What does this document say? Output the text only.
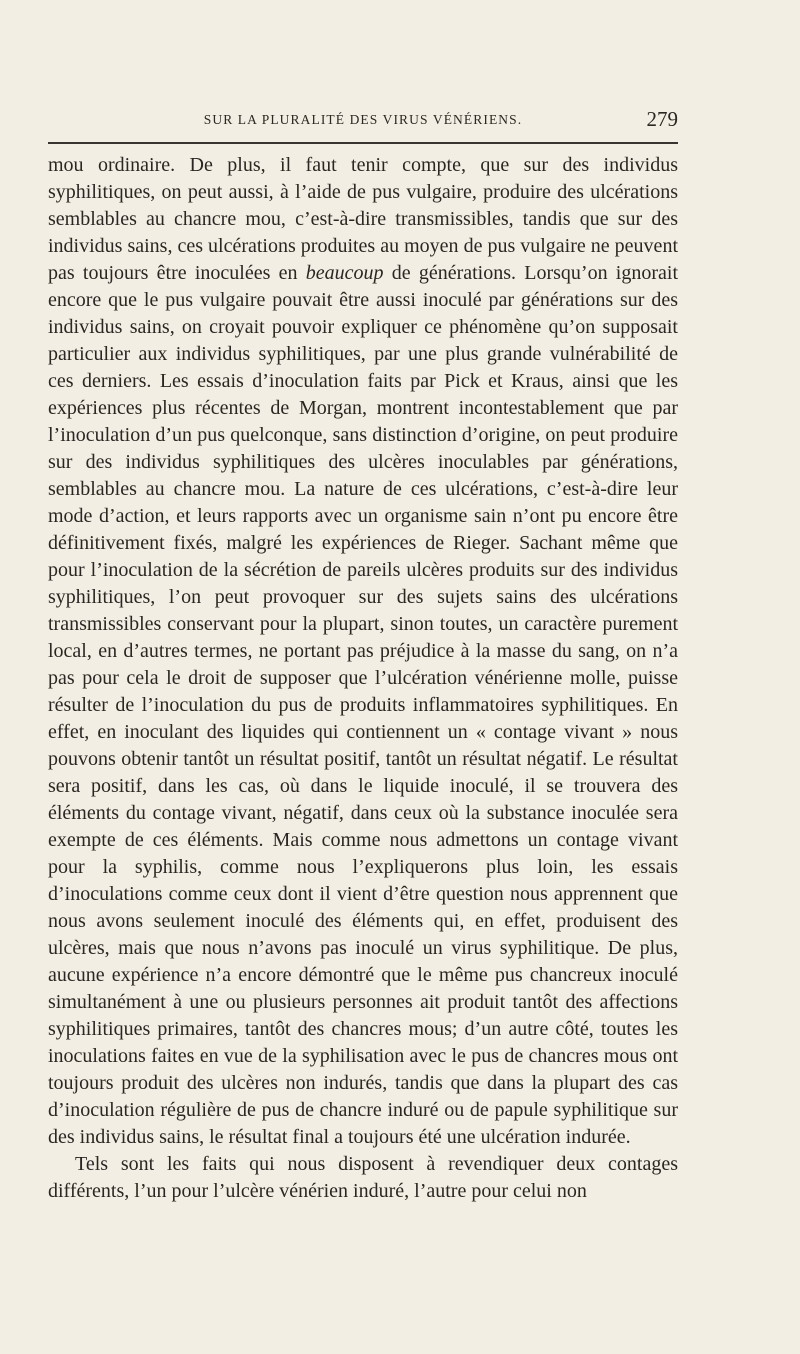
SUR LA PLURALITÉ DES VIRUS VÉNÉRIENS.	279

mou ordinaire. De plus, il faut tenir compte, que sur des individus syphilitiques, on peut aussi, à l’aide de pus vulgaire, produire des ulcérations semblables au chancre mou, c’est-à-dire transmissibles, tandis que sur des individus sains, ces ulcérations produites au moyen de pus vulgaire ne peuvent pas toujours être inoculées en beaucoup de générations. Lorsqu’on ignorait encore que le pus vulgaire pouvait être aussi inoculé par générations sur des individus sains, on croyait pouvoir expliquer ce phénomène qu’on supposait particulier aux individus syphilitiques, par une plus grande vulnérabilité de ces derniers. Les essais d’inoculation faits par Pick et Kraus, ainsi que les expériences plus récentes de Morgan, montrent incontestablement que par l’inoculation d’un pus quelconque, sans distinction d’origine, on peut produire sur des individus syphilitiques des ulcères inoculables par générations, semblables au chancre mou. La nature de ces ulcérations, c’est-à-dire leur mode d’action, et leurs rapports avec un organisme sain n’ont pu encore être définitivement fixés, malgré les expériences de Rieger. Sachant même que pour l’inoculation de la sécrétion de pareils ulcères produits sur des individus syphilitiques, l’on peut provoquer sur des sujets sains des ulcérations transmissibles conservant pour la plupart, sinon toutes, un caractère purement local, en d’autres termes, ne portant pas préjudice à la masse du sang, on n’a pas pour cela le droit de supposer que l’ulcération vénérienne molle, puisse résulter de l’inoculation du pus de produits inflammatoires syphilitiques. En effet, en inoculant des liquides qui contiennent un « contage vivant » nous pouvons obtenir tantôt un résultat positif, tantôt un résultat négatif. Le résultat sera positif, dans les cas, où dans le liquide inoculé, il se trouvera des éléments du contage vivant, négatif, dans ceux où la substance inoculée sera exempte de ces éléments. Mais comme nous admettons un contage vivant pour la syphilis, comme nous l’expliquerons plus loin, les essais d’inoculations comme ceux dont il vient d’être question nous apprennent que nous avons seulement inoculé des éléments qui, en effet, produisent des ulcères, mais que nous n’avons pas inoculé un virus syphilitique. De plus, aucune expérience n’a encore démontré que le même pus chancreux inoculé simultanément à une ou plusieurs personnes ait produit tantôt des affections syphilitiques primaires, tantôt des chancres mous; d’un autre côté, toutes les inoculations faites en vue de la syphilisation avec le pus de chancres mous ont toujours produit des ulcères non indurés, tandis que dans la plupart des cas d’inoculation régulière de pus de chancre induré ou de papule syphilitique sur des individus sains, le résultat final a toujours été une ulcération indurée.

Tels sont les faits qui nous disposent à revendiquer deux contages différents, l’un pour l’ulcère vénérien induré, l’autre pour celui non
